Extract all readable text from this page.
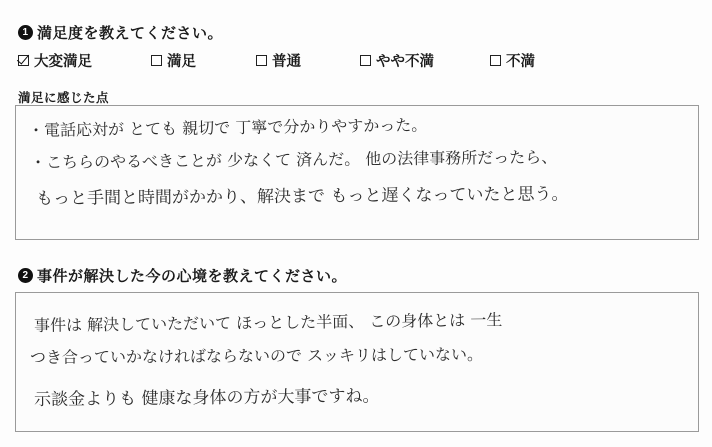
1 満足度を教えてください。
大変満足	満足	普通	やや不満	不満
満足に感じた点
・電話応対が とても 親切で 丁寧で分かりやすかった。
・こちらのやるべきことが 少なくて 済んだ。 他の法律事務所だったら、
もっと手間と時間がかかり、解決まで もっと遅くなっていたと思う。
2 事件が解決した今の心境を教えてください。
事件は 解決していただいて ほっとした半面、 この身体とは 一生
つき合っていかなければならないので スッキリはしていない。
示談金よりも 健康な身体の方が大事ですね。
